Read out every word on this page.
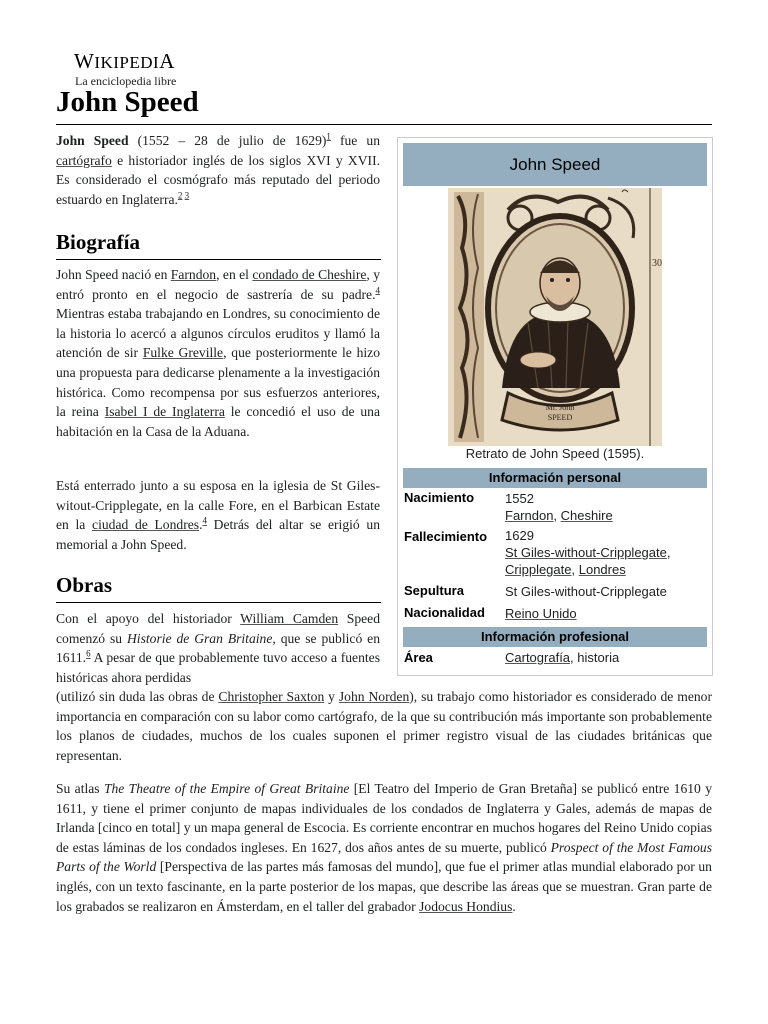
WIKIPEDIA
La enciclopedia libre
John Speed

John Speed (1552 – 28 de julio de 1629)$^1$ fue un cartógrafo e historiador inglés de los siglos XVI y XVII. Es considerado el cosmógrafo más reputado del periodo estuardo en Inglaterra.$^{2 3}$

Biografía

John Speed nació en Farndon, en el condado de Cheshire, y entró pronto en el negocio de sastrería de su padre.$^4$ Mientras estaba trabajando en Londres, su conocimiento de la historia lo acercó a algunos círculos eruditos y llamó la atención de sir Fulke Greville, que posteriormente le hizo una propuesta para dedicarse plenamente a la investigación histórica. Como recompensa por sus esfuerzos anteriores, la reina Isabel I de Inglaterra le concedió el uso de una habitación en la Casa de la Aduana.

Está enterrado junto a su esposa en la iglesia de St Giles-witout-Cripplegate, en la calle Fore, en el Barbican Estate en la ciudad de Londres.$^4$ Detrás del altar se erigió un memorial a John Speed.

Obras

Con el apoyo del historiador William Camden Speed comenzó su Historie de Gran Britaine, que se publicó en 1611.$^6$ A pesar de que probablemente tuvo acceso a fuentes históricas ahora perdidas

(utilizó sin duda las obras de Christopher Saxton y John Norden), su trabajo como historiador es considerado de menor importancia en comparación con su labor como cartógrafo, de la que su contribución más importante son probablemente los planos de ciudades, muchos de los cuales suponen el primer registro visual de las ciudades británicas que representan.

Su atlas The Theatre of the Empire of Great Britaine [El Teatro del Imperio de Gran Bretaña] se publicó entre 1610 y 1611, y tiene el primer conjunto de mapas individuales de los condados de Inglaterra y Gales, además de mapas de Irlanda [cinco en total] y un mapa general de Escocia. Es corriente encontrar en muchos hogares del Reino Unido copias de estas láminas de los condados ingleses. En 1627, dos años antes de su muerte, publicó Prospect of the Most Famous Parts of the World [Perspectiva de las partes más famosas del mundo], que fue el primer atlas mundial elaborado por un inglés, con un texto fascinante, en la parte posterior de los mapas, que describe las áreas que se muestran. Gran parte de los grabados se realizaron en Ámsterdam, en el taller del grabador Jodocus Hondius.

John Speed
Mr. John
SPEED
30
Retrato de John Speed (1595).
Información personal
Nacimiento 1552
Farndon, Cheshire
Fallecimiento 1629
St Giles-without-Cripplegate,
Cripplegate, Londres
Sepultura	St Giles-without-Cripplegate
Nacionalidad Reino Unido
Información profesional
Área	Cartografía, historia
